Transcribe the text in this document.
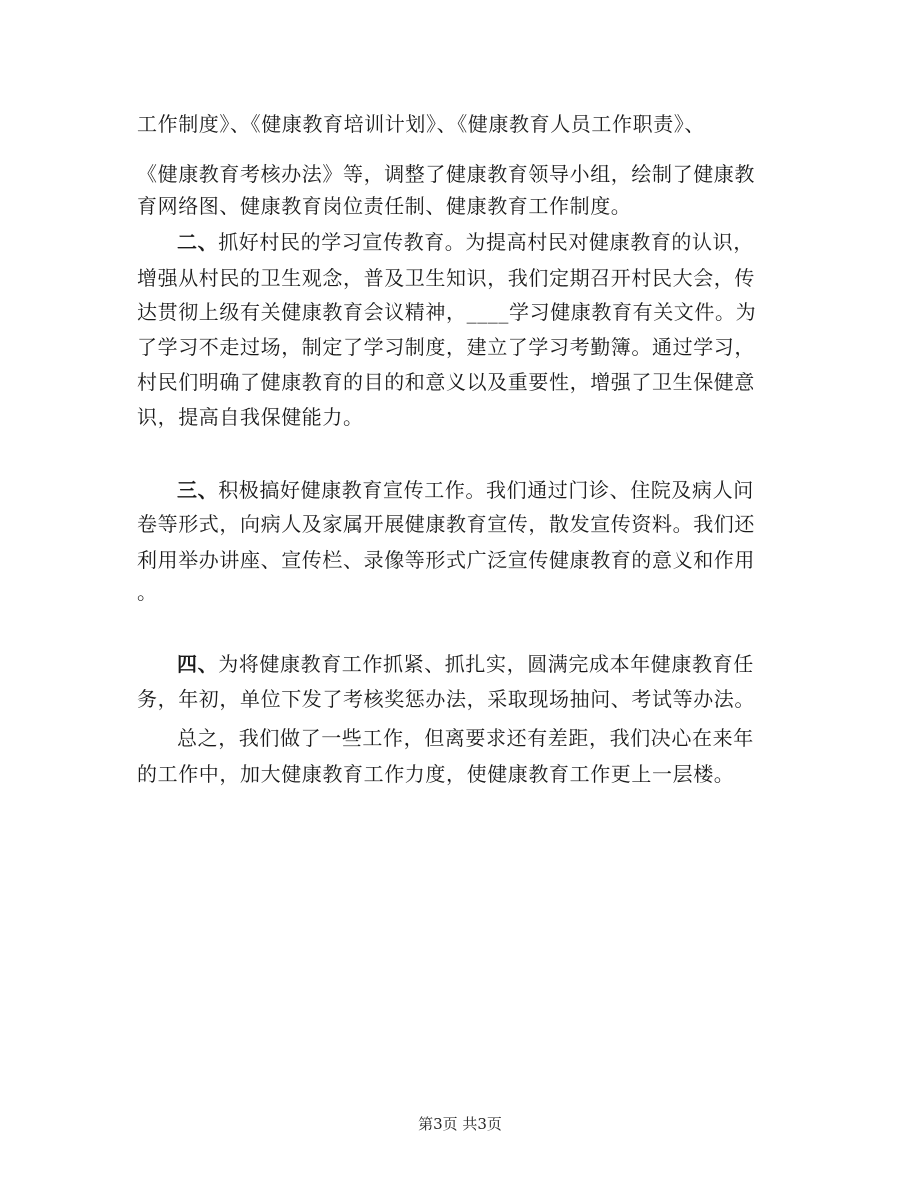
工作制度》、《健康教育培训计划》、《健康教育人员工作职责》、
《健康教育考核办法》等，调整了健康教育领导小组，绘制了健康教
育网络图、健康教育岗位责任制、健康教育工作制度。
二、抓好村民的学习宣传教育。为提高村民对健康教育的认识，
增强从村民的卫生观念，普及卫生知识，我们定期召开村民大会，传
达贯彻上级有关健康教育会议精神，____学习健康教育有关文件。为
了学习不走过场，制定了学习制度，建立了学习考勤簿。通过学习，
村民们明确了健康教育的目的和意义以及重要性，增强了卫生保健意
识，提高自我保健能力。
三、积极搞好健康教育宣传工作。我们通过门诊、住院及病人问
卷等形式，向病人及家属开展健康教育宣传，散发宣传资料。我们还
利用举办讲座、宣传栏、录像等形式广泛宣传健康教育的意义和作用
。
四、为将健康教育工作抓紧、抓扎实，圆满完成本年健康教育任
务，年初，单位下发了考核奖惩办法，采取现场抽问、考试等办法。
总之，我们做了一些工作，但离要求还有差距，我们决心在来年
的工作中，加大健康教育工作力度，使健康教育工作更上一层楼。
第3页 共3页
